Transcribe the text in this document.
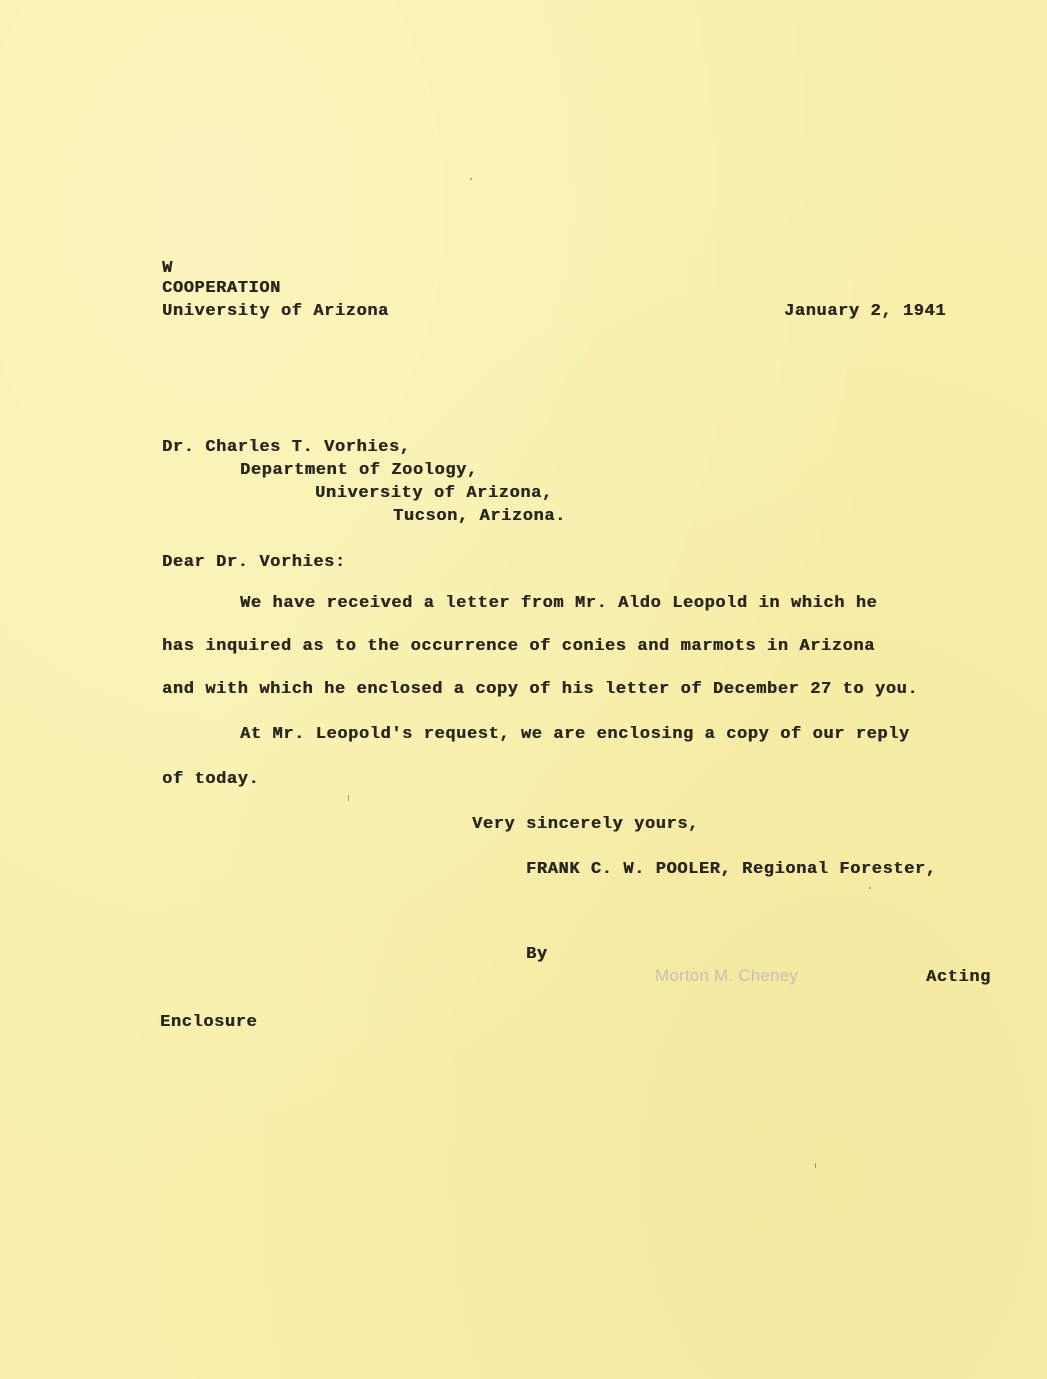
W
COOPERATION
University of Arizona	January 2, 1941
Dr. Charles T. Vorhies,
Department of Zoology,
University of Arizona,
Tucson, Arizona.
Dear Dr. Vorhies:
We have received a letter from Mr. Aldo Leopold in which he
has inquired as to the occurrence of conies and marmots in Arizona
and with which he enclosed a copy of his letter of December 27 to you.
At Mr. Leopold's request, we are enclosing a copy of our reply
of today.
Very sincerely yours,
FRANK C. W. POOLER, Regional Forester,
By
Morton M. Cheney	Acting
Enclosure
